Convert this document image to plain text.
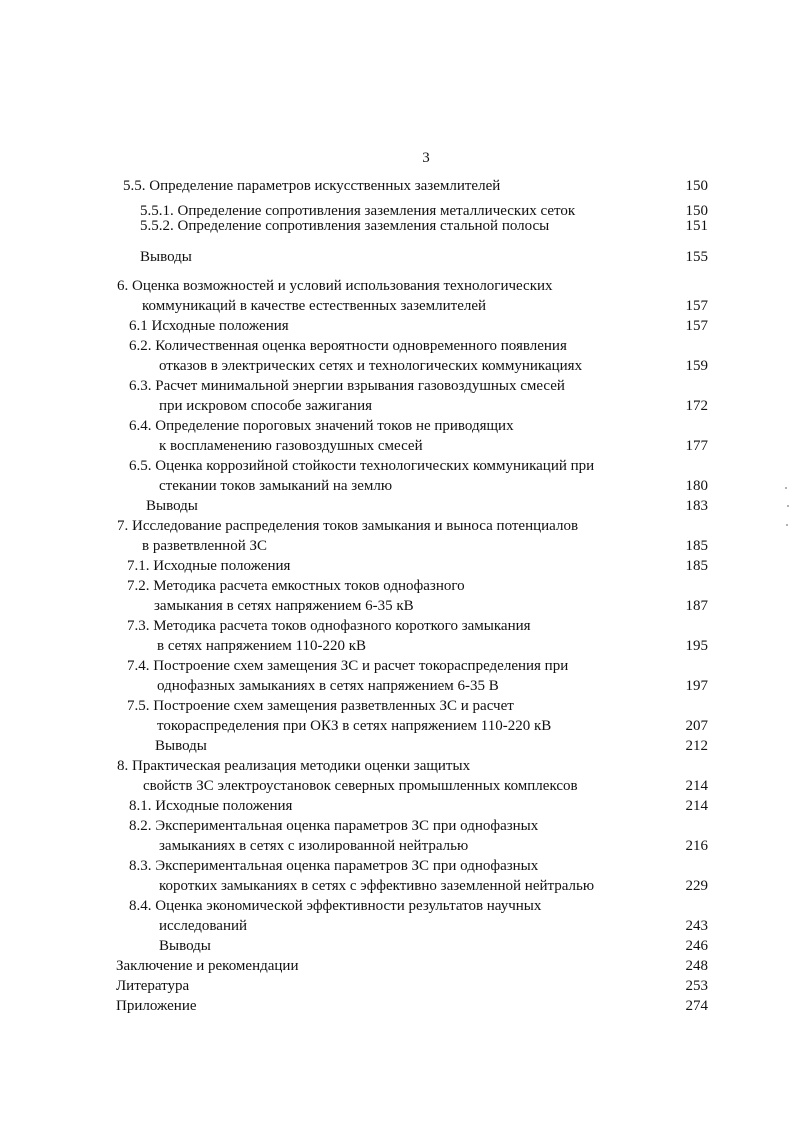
3
5.5. Определение параметров искусственных заземлителей	150
5.5.1. Определение сопротивления заземления металлических сеток	150
5.5.2. Определение сопротивления заземления стальной полосы	151
Выводы	155
6. Оценка возможностей и условий использования технологических
коммуникаций в качестве естественных заземлителей	157
6.1 Исходные положения	157
6.2. Количественная оценка вероятности одновременного появления
отказов в электрических сетях и технологических коммуникациях	159
6.3. Расчет минимальной энергии взрывания газовоздушных смесей
при искровом способе зажигания	172
6.4. Определение пороговых значений токов не приводящих
к воспламенению газовоздушных смесей	177
6.5. Оценка коррозийной стойкости технологических коммуникаций при
стекании токов замыканий на землю	180
Выводы	183
7. Исследование распределения токов замыкания и выноса потенциалов
в разветвленной ЗС	185
7.1. Исходные положения	185
7.2. Методика расчета емкостных токов однофазного
замыкания в сетях напряжением 6-35 кВ	187
7.3. Методика расчета токов однофазного короткого замыкания
в сетях напряжением 110-220 кВ	195
7.4. Построение схем замещения ЗС и расчет токораспределения при
однофазных замыканиях в сетях напряжением 6-35 В	197
7.5. Построение схем замещения разветвленных ЗС и расчет
токораспределения при ОКЗ в сетях напряжением 110-220 кВ	207
Выводы	212
8. Практическая реализация методики оценки защитых
свойств ЗС электроустановок северных промышленных комплексов	214
8.1. Исходные положения	214
8.2. Экспериментальная оценка параметров ЗС при однофазных
замыканиях в сетях с изолированной нейтралью	216
8.3. Экспериментальная оценка параметров ЗС при однофазных
коротких замыканиях в сетях с эффективно заземленной нейтралью	229
8.4. Оценка экономической эффективности результатов научных
исследований	243
Выводы	246
Заключение и рекомендации	248
Литература	253
Приложение	274
